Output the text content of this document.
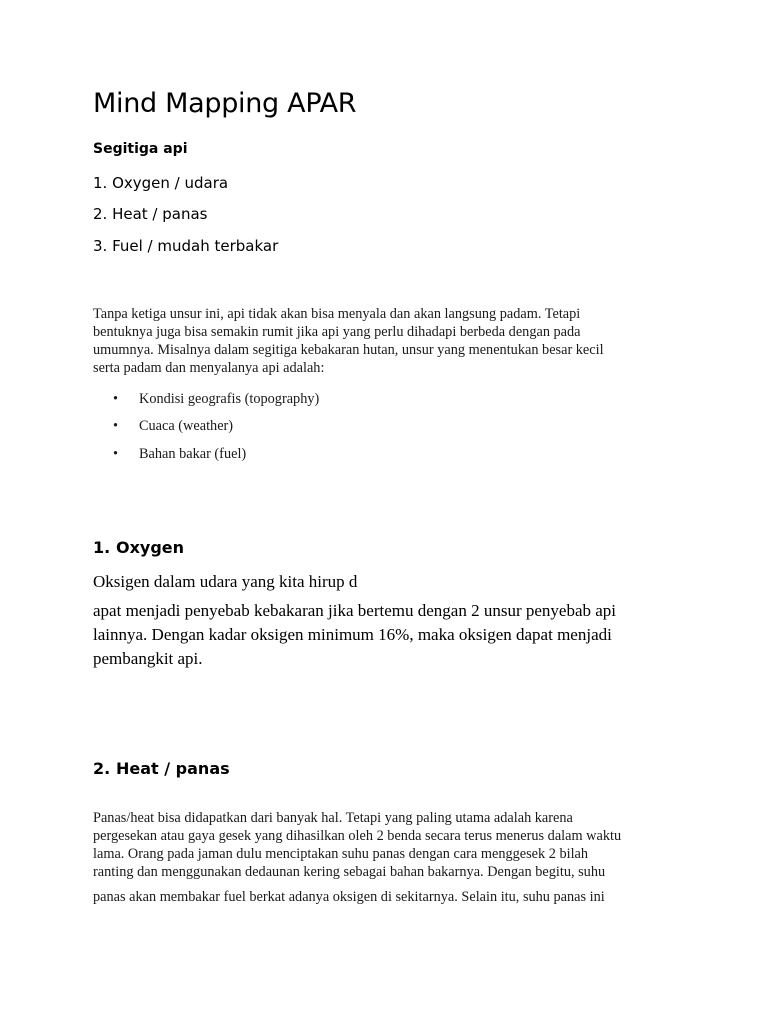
Mind Mapping APAR
Segitiga api
1. Oxygen / udara
2. Heat / panas
3. Fuel / mudah terbakar
Tanpa ketiga unsur ini, api tidak akan bisa menyala dan akan langsung padam. Tetapi
bentuknya juga bisa semakin rumit jika api yang perlu dihadapi berbeda dengan pada
umumnya. Misalnya dalam segitiga kebakaran hutan, unsur yang menentukan besar kecil
serta padam dan menyalanya api adalah:
• Kondisi geografis (topography)
• Cuaca (weather)
• Bahan bakar (fuel)
1. Oxygen
Oksigen dalam udara yang kita hirup d
apat menjadi penyebab kebakaran jika bertemu dengan 2 unsur penyebab api
lainnya. Dengan kadar oksigen minimum 16%, maka oksigen dapat menjadi
pembangkit api.
2. Heat / panas
Panas/heat bisa didapatkan dari banyak hal. Tetapi yang paling utama adalah karena
pergesekan atau gaya gesek yang dihasilkan oleh 2 benda secara terus menerus dalam waktu
lama. Orang pada jaman dulu menciptakan suhu panas dengan cara menggesek 2 bilah
ranting dan menggunakan dedaunan kering sebagai bahan bakarnya. Dengan begitu, suhu
panas akan membakar fuel berkat adanya oksigen di sekitarnya. Selain itu, suhu panas ini
